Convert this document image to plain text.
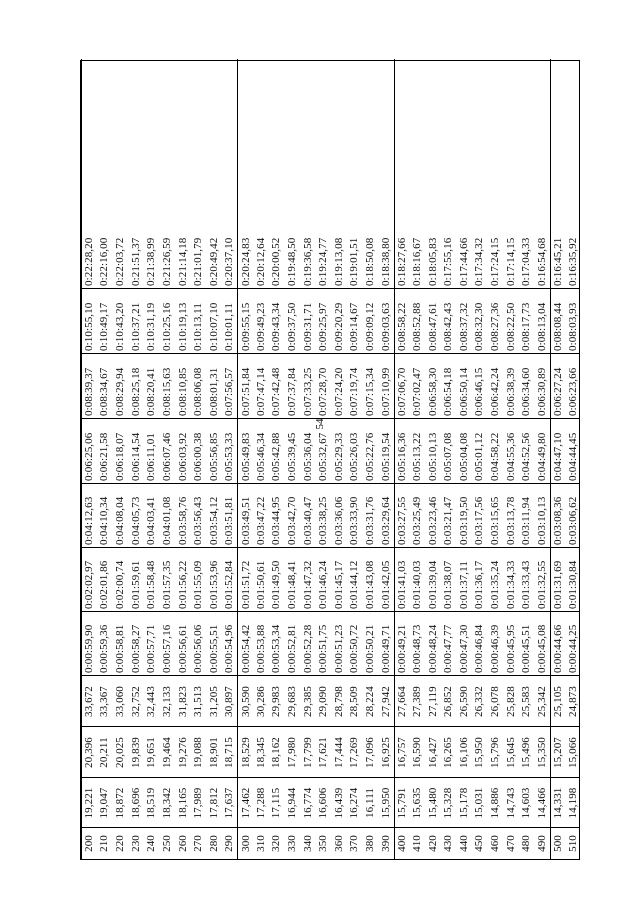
54
200
19,221
20,396
33,672
0:00:59,90
0:02:02,97
0:04:12,63
0:06:25,06
0:08:39,37
0:10:55,10
0:22:28,20
210
19,047
20,211
33,367
0:00:59,36
0:02:01,86
0:04:10,34
0:06:21,58
0:08:34,67
0:10:49,17
0:22:16,00
220
18,872
20,025
33,060
0:00:58,81
0:02:00,74
0:04:08,04
0:06:18,07
0:08:29,94
0:10:43,20
0:22:03,72
230
18,696
19,839
32,752
0:00:58,27
0:01:59,61
0:04:05,73
0:06:14,54
0:08:25,18
0:10:37,21
0:21:51,37
240
18,519
19,651
32,443
0:00:57,71
0:01:58,48
0:04:03,41
0:06:11,01
0:08:20,41
0:10:31,19
0:21:38,99
250
18,342
19,464
32,133
0:00:57,16
0:01:57,35
0:04:01,08
0:06:07,46
0:08:15,63
0:10:25,16
0:21:26,59
260
18,165
19,276
31,823
0:00:56,61
0:01:56,22
0:03:58,76
0:06:03,92
0:08:10,85
0:10:19,13
0:21:14,18
270
17,989
19,088
31,513
0:00:56,06
0:01:55,09
0:03:56,43
0:06:00,38
0:08:06,08
0:10:13,11
0:21:01,79
280
17,812
18,901
31,205
0:00:55,51
0:01:53,96
0:03:54,12
0:05:56,85
0:08:01,31
0:10:07,10
0:20:49,42
290
17,637
18,715
30,897
0:00:54,96
0:01:52,84
0:03:51,81
0:05:53,33
0:07:56,57
0:10:01,11
0:20:37,10
300
17,462
18,529
30,590
0:00:54,42
0:01:51,72
0:03:49,51
0:05:49,83
0:07:51,84
0:09:55,15
0:20:24,83
310
17,288
18,345
30,286
0:00:53,88
0:01:50,61
0:03:47,22
0:05:46,34
0:07:47,14
0:09:49,23
0:20:12,64
320
17,115
18,162
29,983
0:00:53,34
0:01:49,50
0:03:44,95
0:05:42,88
0:07:42,48
0:09:43,34
0:20:00,52
330
16,944
17,980
29,683
0:00:52,81
0:01:48,41
0:03:42,70
0:05:39,45
0:07:37,84
0:09:37,50
0:19:48,50
340
16,774
17,799
29,385
0:00:52,28
0:01:47,32
0:03:40,47
0:05:36,04
0:07:33,25
0:09:31,71
0:19:36,58
350
16,606
17,621
29,090
0:00:51,75
0:01:46,24
0:03:38,25
0:05:32,67
0:07:28,70
0:09:25,97
0:19:24,77
360
16,439
17,444
28,798
0:00:51,23
0:01:45,17
0:03:36,06
0:05:29,33
0:07:24,20
0:09:20,29
0:19:13,08
370
16,274
17,269
28,509
0:00:50,72
0:01:44,12
0:03:33,90
0:05:26,03
0:07:19,74
0:09:14,67
0:19:01,51
380
16,111
17,096
28,224
0:00:50,21
0:01:43,08
0:03:31,76
0:05:22,76
0:07:15,34
0:09:09,12
0:18:50,08
390
15,950
16,925
27,942
0:00:49,71
0:01:42,05
0:03:29,64
0:05:19,54
0:07:10,99
0:09:03,63
0:18:38,80
400
15,791
16,757
27,664
0:00:49,21
0:01:41,03
0:03:27,55
0:05:16,36
0:07:06,70
0:08:58,22
0:18:27,66
410
15,635
16,590
27,389
0:00:48,73
0:01:40,03
0:03:25,49
0:05:13,22
0:07:02,47
0:08:52,88
0:18:16,67
420
15,480
16,427
27,119
0:00:48,24
0:01:39,04
0:03:23,46
0:05:10,13
0:06:58,30
0:08:47,61
0:18:05,83
430
15,328
16,265
26,852
0:00:47,77
0:01:38,07
0:03:21,47
0:05:07,08
0:06:54,18
0:08:42,43
0:17:55,16
440
15,178
16,106
26,590
0:00:47,30
0:01:37,11
0:03:19,50
0:05:04,08
0:06:50,14
0:08:37,32
0:17:44,66
450
15,031
15,950
26,332
0:00:46,84
0:01:36,17
0:03:17,56
0:05:01,12
0:06:46,15
0:08:32,30
0:17:34,32
460
14,886
15,796
26,078
0:00:46,39
0:01:35,24
0:03:15,65
0:04:58,22
0:06:42,24
0:08:27,36
0:17:24,15
470
14,743
15,645
25,828
0:00:45,95
0:01:34,33
0:03:13,78
0:04:55,36
0:06:38,39
0:08:22,50
0:17:14,15
480
14,603
15,496
25,583
0:00:45,51
0:01:33,43
0:03:11,94
0:04:52,56
0:06:34,60
0:08:17,73
0:17:04,33
490
14,466
15,350
25,342
0:00:45,08
0:01:32,55
0:03:10,13
0:04:49,80
0:06:30,89
0:08:13,04
0:16:54,68
500
14,331
15,207
25,105
0:00:44,66
0:01:31,69
0:03:08,36
0:04:47,10
0:06:27,24
0:08:08,44
0:16:45,21
510
14,198
15,066
24,873
0:00:44,25
0:01:30,84
0:03:06,62
0:04:44,45
0:06:23,66
0:08:03,93
0:16:35,92
